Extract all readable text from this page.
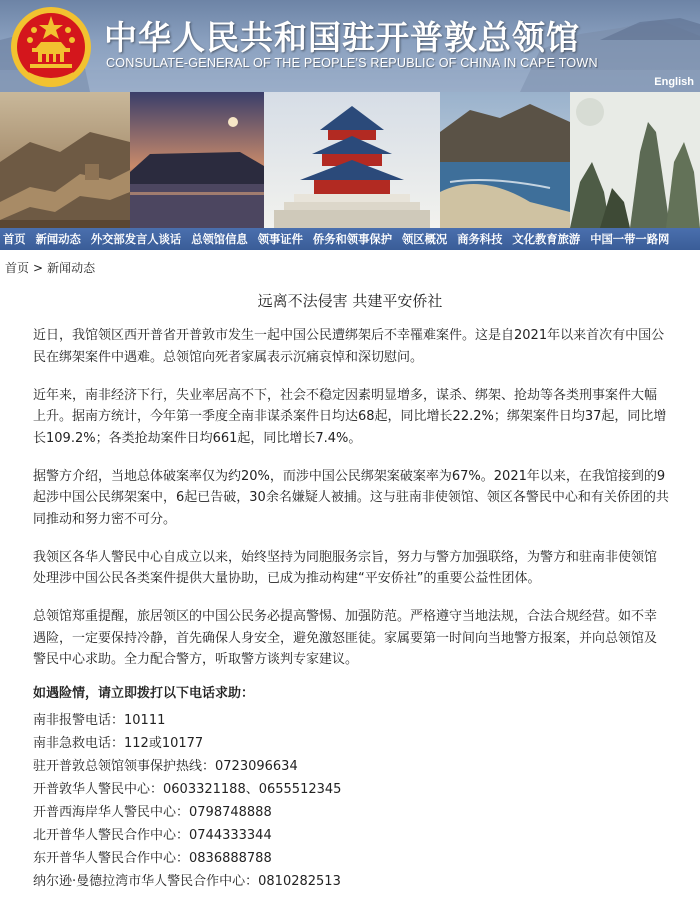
中华人民共和国驻开普敦总领馆
CONSULATE-GENERAL OF THE PEOPLE'S REPUBLIC OF CHINA IN CAPE TOWN
English
首页 新闻动态 外交部发言人谈话 总领馆信息 领事证件 侨务和领事保护 领区概况 商务科技 文化教育旅游 中国一带一路网
首页 > 新闻动态
远离不法侵害 共建平安侨社

近日，我馆领区西开普省开普敦市发生一起中国公民遭绑架后不幸罹难案件。这是自2021年以来首次有中国公民在绑架案件中遇难。总领馆向死者家属表示沉痛哀悼和深切慰问。

近年来，南非经济下行，失业率居高不下，社会不稳定因素明显增多，谋杀、绑架、抢劫等各类刑事案件大幅上升。据南方统计，今年第一季度全南非谋杀案件日均达68起，同比增长22.2%；绑架案件日均37起，同比增长109.2%；各类抢劫案件日均661起，同比增长7.4%。

据警方介绍，当地总体破案率仅为约20%，而涉中国公民绑架案破案率为67%。2021年以来，在我馆接到的9起涉中国公民绑架案中，6起已告破，30余名嫌疑人被捕。这与驻南非使领馆、领区各警民中心和有关侨团的共同推动和努力密不可分。

我领区各华人警民中心自成立以来，始终坚持为同胞服务宗旨，努力与警方加强联络，为警方和驻南非使领馆处理涉中国公民各类案件提供大量协助，已成为推动构建“平安侨社”的重要公益性团体。

总领馆郑重提醒，旅居领区的中国公民务必提高警惕、加强防范。严格遵守当地法规，合法合规经营。如不幸遇险，一定要保持冷静，首先确保人身安全，避免激怒匪徒。家属要第一时间向当地警方报案，并向总领馆及警民中心求助。全力配合警方，听取警方谈判专家建议。

如遇险情，请立即拨打以下电话求助：
南非报警电话：10111
南非急救电话：112或10177
驻开普敦总领馆领事保护热线：0723096634
开普敦华人警民中心：0603321188、0655512345
开普西海岸华人警民中心：0798748888
北开普华人警民合作中心：0744333344
东开普华人警民合作中心：0836888788
纳尔逊·曼德拉湾市华人警民合作中心：0810282513
